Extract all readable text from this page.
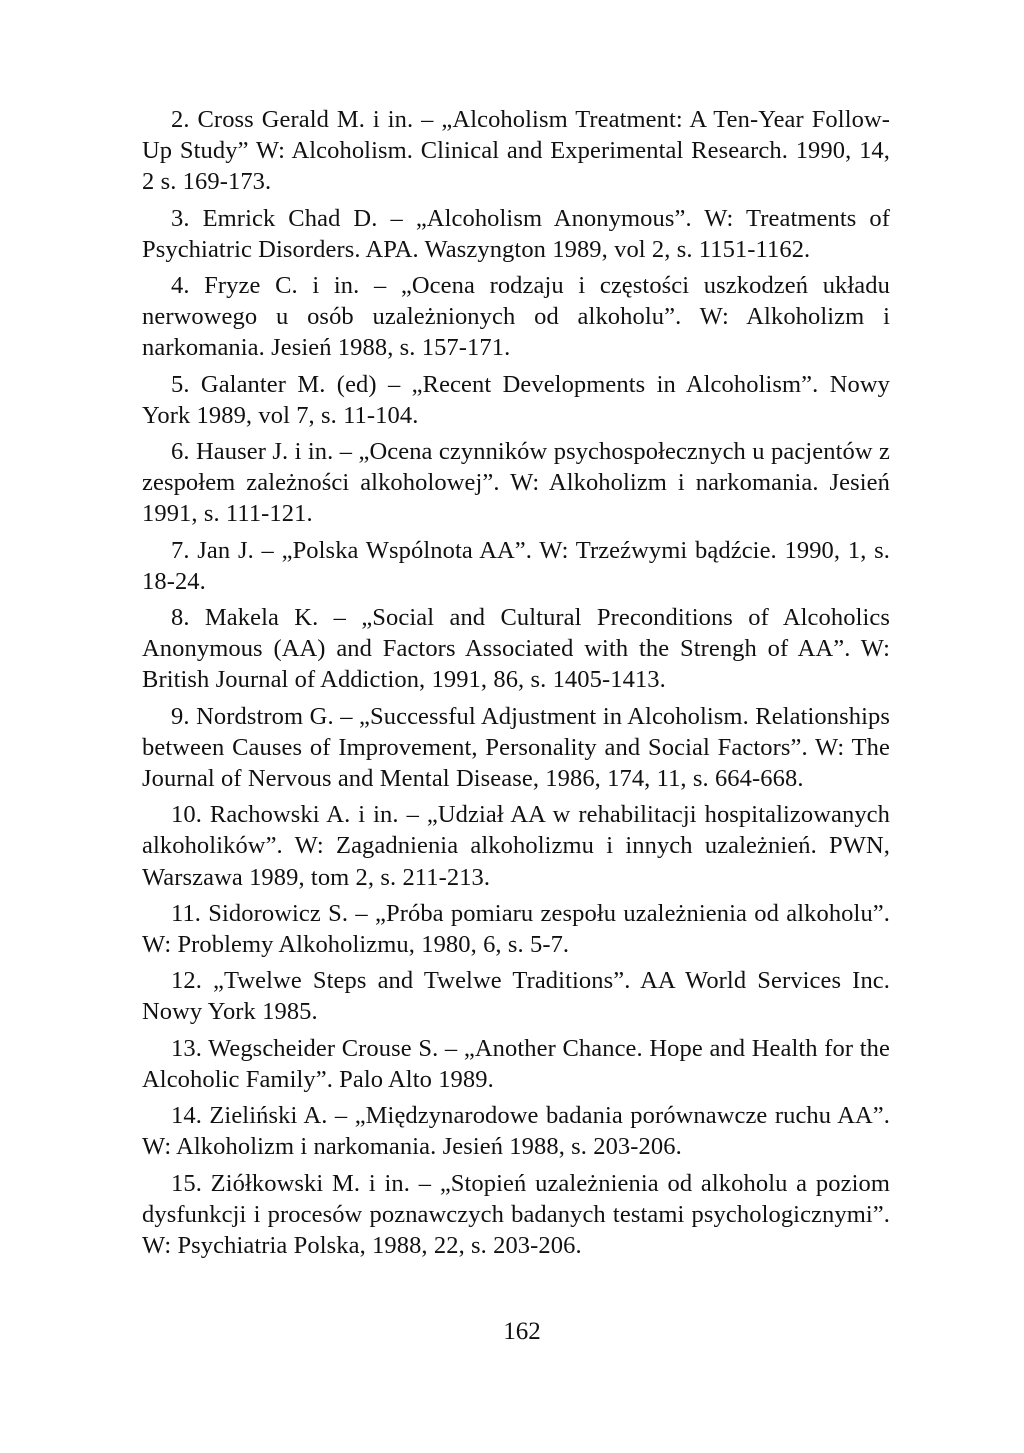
2. Cross Gerald M. i in. – „Alcoholism Treatment: A Ten-Year Follow-Up Study” W: Alcoholism. Clinical and Experimental Research. 1990, 14, 2 s. 169-173.

3. Emrick Chad D. – „Alcoholism Anonymous”. W: Treatments of Psychiatric Disorders. APA. Waszyngton 1989, vol 2, s. 1151-1162.

4. Fryze C. i in. – „Ocena rodzaju i częstości uszkodzeń układu nerwowego u osób uzależnionych od alkoholu”. W: Alkoholizm i narkomania. Jesień 1988, s. 157-171.

5. Galanter M. (ed) – „Recent Developments in Alcoholism”. Nowy York 1989, vol 7, s. 11-104.

6. Hauser J. i in. – „Ocena czynników psychospołecznych u pacjentów z zespołem zależności alkoholowej”. W: Alkoholizm i narkomania. Jesień 1991, s. 111-121.

7. Jan J. – „Polska Wspólnota AA”. W: Trzeźwymi bądźcie. 1990, 1, s. 18-24.

8. Makela K. – „Social and Cultural Preconditions of Alcoholics Anonymous (AA) and Factors Associated with the Strengh of AA”. W: British Journal of Addiction, 1991, 86, s. 1405-1413.

9. Nordstrom G. – „Successful Adjustment in Alcoholism. Relationships between Causes of Improvement, Personality and Social Factors”. W: The Journal of Nervous and Mental Disease, 1986, 174, 11, s. 664-668.

10. Rachowski A. i in. – „Udział AA w rehabilitacji hospitalizowanych alkoholików”. W: Zagadnienia alkoholizmu i innych uzależnień. PWN, Warszawa 1989, tom 2, s. 211-213.

11. Sidorowicz S. – „Próba pomiaru zespołu uzależnienia od alkoholu”. W: Problemy Alkoholizmu, 1980, 6, s. 5-7.

12. „Twelwe Steps and Twelwe Traditions”. AA World Services Inc. Nowy York 1985.

13. Wegscheider Crouse S. – „Another Chance. Hope and Health for the Alcoholic Family”. Palo Alto 1989.

14. Zieliński A. – „Międzynarodowe badania porównawcze ruchu AA”. W: Alkoholizm i narkomania. Jesień 1988, s. 203-206.

15. Ziółkowski M. i in. – „Stopień uzależnienia od alkoholu a poziom dysfunkcji i procesów poznawczych badanych testami psychologicznymi”. W: Psychiatria Polska, 1988, 22, s. 203-206.

162
